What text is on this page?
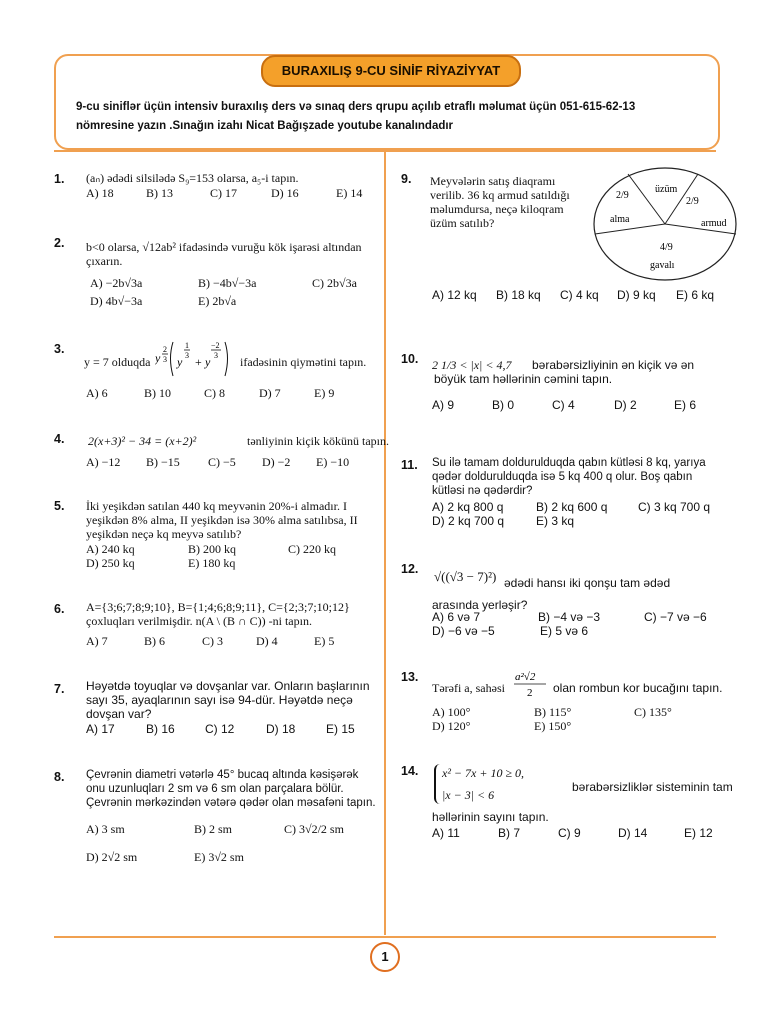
BURAXILIŞ 9-CU SİNİF RİYAZİYYAT
9-cu siniflər üçün intensiv buraxılış ders və sınaq ders qrupu açılıb etraflı məlumat üçün 051-615-62-13
nömresine yazın .Sınağın izahı Nicat Bağışzade youtube kanalındadır
1. (aₙ) ədədi silsilədə S₉=153 olarsa, a₅-i tapın.
A) 18	B) 13	C) 17	D) 16	E) 14
2. b<0 olarsa, √12ab² ifadəsində vuruğu kök işarəsi altından çıxarın.
A) −2b√3a	B) −4b√−3a	C) 2b√3a
D) 4b√−3a	E) 2b√a
3.
y = 7 olduqda y
2
3 y
1
3 + y
−2
3 ifadəsinin qiymətini tapın.
A) 6	B) 10	C) 8	D) 7	E) 9
4. 2(x+3)² − 34 = (x+2)²	tənliyinin kiçik kökünü tapın.
A) −12 B) −15 C) −5 D) −2 E) −10
5. İki yeşikdən satılan 440 kq meyvənin 20%-i almadır. I yeşikdən 8% alma, II yeşikdən isə 30% alma satılıbsa, II yeşikdən neçə kq meyvə satılıb?
A) 240 kq	B) 200 kq	C) 220 kq
D) 250 kq	E) 180 kq
6. A={3;6;7;8;9;10}, B={1;4;6;8;9;11}, C={2;3;7;10;12} çoxluqları verilmişdir. n(A \ (B ∩ C)) -ni tapın.
A) 7	B) 6	C) 3	D) 4	E) 5
7. Həyətdə toyuqlar və dovşanlar var. Onların başlarının sayı 35, ayaqlarının sayı isə 94-dür. Həyətdə neçə dovşan var?
A) 17	B) 16	C) 12	D) 18	E) 15
8. Çevrənin diametri vətərlə 45° bucaq altında kəsişərək onu uzunluqları 2 sm və 6 sm olan parçalara bölür. Çevrənin mərkəzindən vətərə qədər olan məsafəni tapın.
A) 3 sm	B) 2 sm	C) 3√2/2 sm
D) 2√2 sm	E) 3√2 sm
9. Meyvələrin satış diaqramı verilib. 36 kq armud satıldığı məlumdursa, neçə kiloqram üzüm satılıb?
üzüm
2/9
armud
4/9
gavalı
2/9
alma
A) 12 kq B) 18 kq C) 4 kq D) 9 kq E) 6 kq
10. 2 1/3 < |x| < 4,7	bərabərsizliyinin ən kiçik və ən böyük tam həllərinin cəmini tapın.
A) 9	B) 0	C) 4	D) 2	E) 6
11. Su ilə tamam doldurulduqda qabın kütləsi 8 kq, yarıya qədər doldurulduqda isə 5 kq 400 q olur. Boş qabın kütləsi nə qədərdir?
A) 2 kq 800 q	B) 2 kq 600 q	C) 3 kq 700 q
D) 2 kq 700 q	E) 3 kq
12. √((√3 − 7)²) ədədi hansı iki qonşu tam ədəd arasında yerləşir?
A) 6 və 7	B) −4 və −3	C) −7 və −6
D) −6 və −5	E) 5 və 6
13.
Tərəfi a, sahəsi
a²√2
2 olan rombun kor bucağını tapın.
A) 100°	B) 115°	C) 135°
D) 120°	E) 150°
14. x² − 7x + 10 ≥ 0,
|x − 3| < 6
bərabərsizliklər sisteminin tam
həllərinin sayını tapın.
A) 11	B) 7	C) 9	D) 14	E) 12
1
